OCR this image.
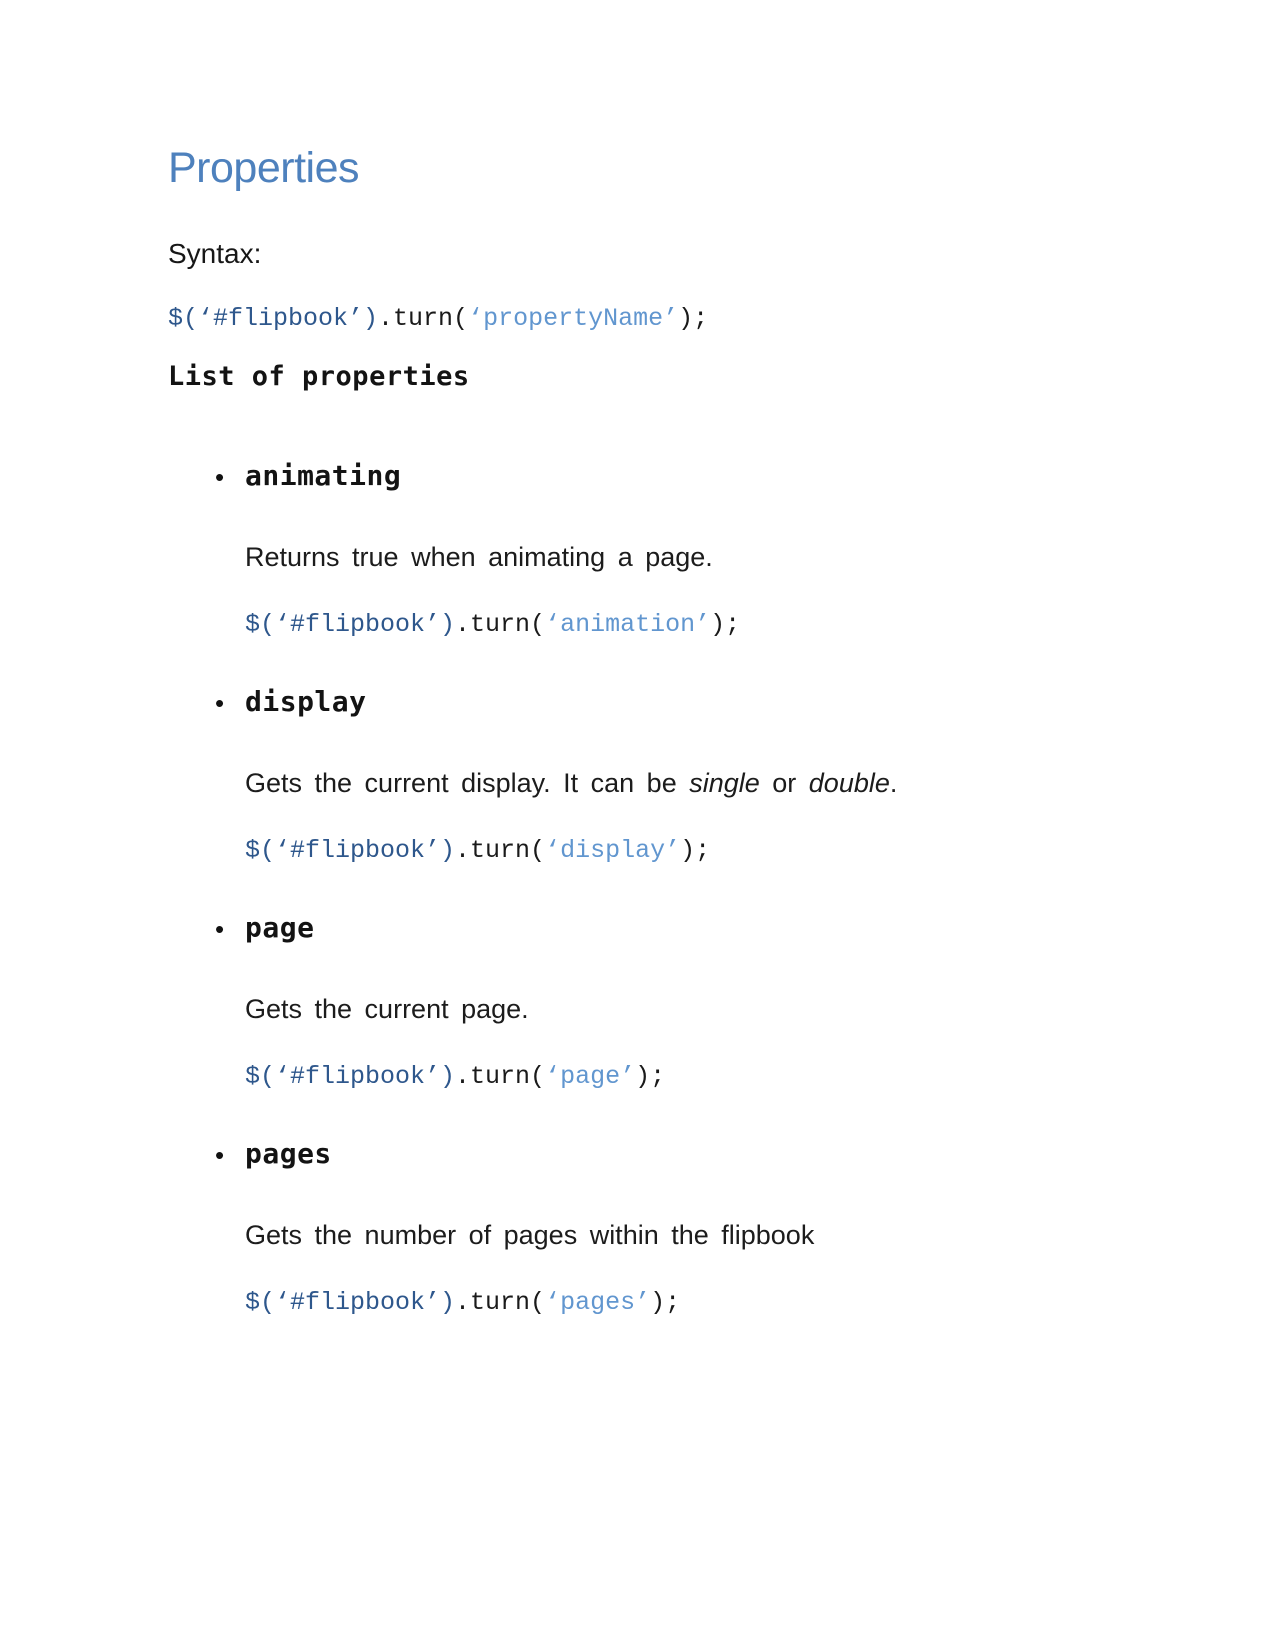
Properties

Syntax:

$(‘#flipbook’).turn(‘propertyName’);

List of properties
• animating

Returns true when animating a page.

$(‘#flipbook’).turn(‘animation’);

• display

Gets the current display. It can be single or double.

$(‘#flipbook’).turn(‘display’);

• page

Gets the current page.

$(‘#flipbook’).turn(‘page’);

• pages

Gets the number of pages within the flipbook

$(‘#flipbook’).turn(‘pages’);
